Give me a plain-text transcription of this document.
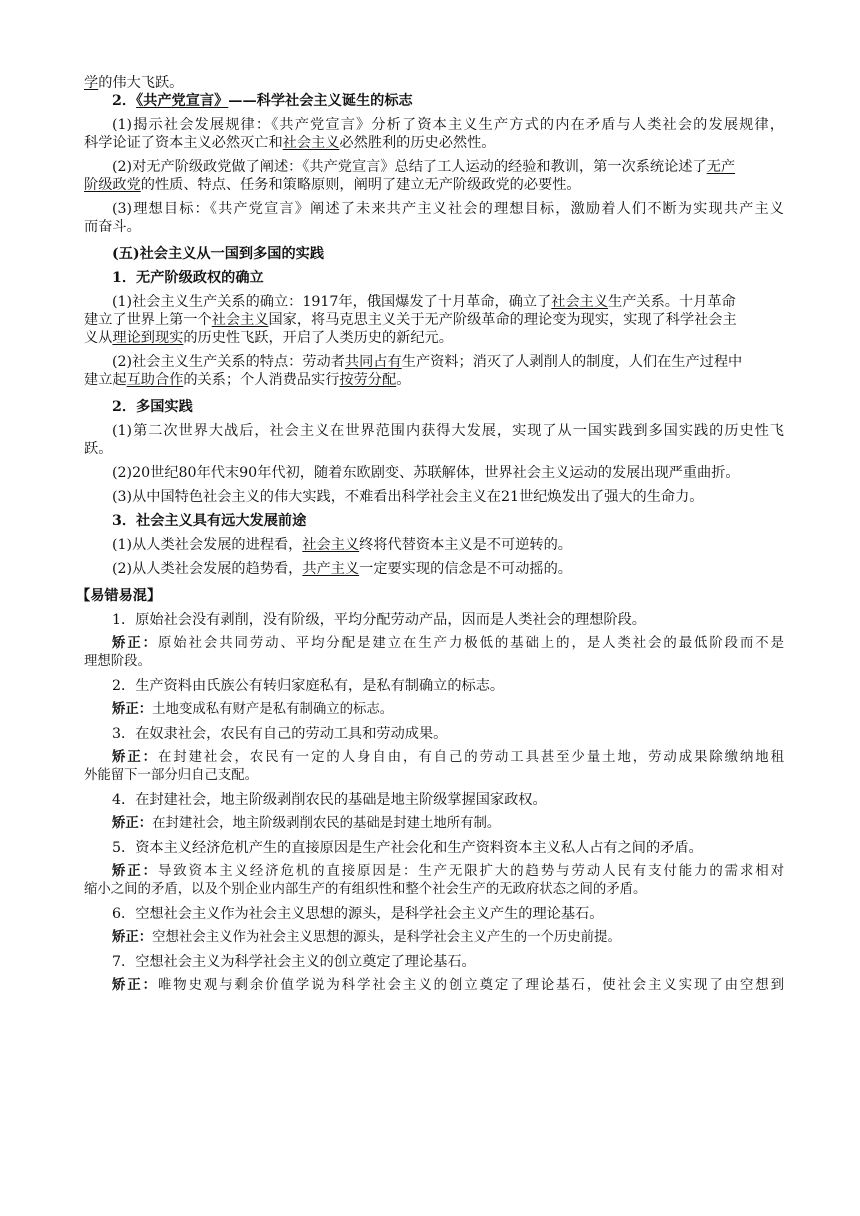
学的伟大飞跃。

2．《共产党宣言》——科学社会主义诞生的标志

(1)揭示社会发展规律：《共产党宣言》分析了资本主义生产方式的内在矛盾与人类社会的发展规律，

科学论证了资本主义必然灭亡和社会主义必然胜利的历史必然性。

(2)对无产阶级政党做了阐述：《共产党宣言》总结了工人运动的经验和教训，第一次系统论述了无产

阶级政党的性质、特点、任务和策略原则，阐明了建立无产阶级政党的必要性。

(3)理想目标：《共产党宣言》阐述了未来共产主义社会的理想目标，激励着人们不断为实现共产主义

而奋斗。

(五)社会主义从一国到多国的实践

1．无产阶级政权的确立

(1)社会主义生产关系的确立：1917年，俄国爆发了十月革命，确立了社会主义生产关系。十月革命

建立了世界上第一个社会主义国家，将马克思主义关于无产阶级革命的理论变为现实，实现了科学社会主

义从理论到现实的历史性飞跃，开启了人类历史的新纪元。

(2)社会主义生产关系的特点：劳动者共同占有生产资料；消灭了人剥削人的制度，人们在生产过程中

建立起互助合作的关系；个人消费品实行按劳分配。

2．多国实践

(1)第二次世界大战后，社会主义在世界范围内获得大发展，实现了从一国实践到多国实践的历史性飞

跃。

(2)20世纪80年代末90年代初，随着东欧剧变、苏联解体，世界社会主义运动的发展出现严重曲折。

(3)从中国特色社会主义的伟大实践，不难看出科学社会主义在21世纪焕发出了强大的生命力。

3．社会主义具有远大发展前途

(1)从人类社会发展的进程看，社会主义终将代替资本主义是不可逆转的。

(2)从人类社会发展的趋势看，共产主义一定要实现的信念是不可动摇的。

【易错易混】

1．原始社会没有剥削，没有阶级，平均分配劳动产品，因而是人类社会的理想阶段。

矫正：原始社会共同劳动、平均分配是建立在生产力极低的基础上的，是人类社会的最低阶段而不是

理想阶段。

2．生产资料由氏族公有转归家庭私有，是私有制确立的标志。

矫正：土地变成私有财产是私有制确立的标志。

3．在奴隶社会，农民有自己的劳动工具和劳动成果。

矫正：在封建社会，农民有一定的人身自由，有自己的劳动工具甚至少量土地，劳动成果除缴纳地租

外能留下一部分归自己支配。

4．在封建社会，地主阶级剥削农民的基础是地主阶级掌握国家政权。

矫正：在封建社会，地主阶级剥削农民的基础是封建土地所有制。

5．资本主义经济危机产生的直接原因是生产社会化和生产资料资本主义私人占有之间的矛盾。

矫正：导致资本主义经济危机的直接原因是：生产无限扩大的趋势与劳动人民有支付能力的需求相对

缩小之间的矛盾，以及个别企业内部生产的有组织性和整个社会生产的无政府状态之间的矛盾。

6．空想社会主义作为社会主义思想的源头，是科学社会主义产生的理论基石。

矫正：空想社会主义作为社会主义思想的源头，是科学社会主义产生的一个历史前提。

7．空想社会主义为科学社会主义的创立奠定了理论基石。

矫正：唯物史观与剩余价值学说为科学社会主义的创立奠定了理论基石，使社会主义实现了由空想到
